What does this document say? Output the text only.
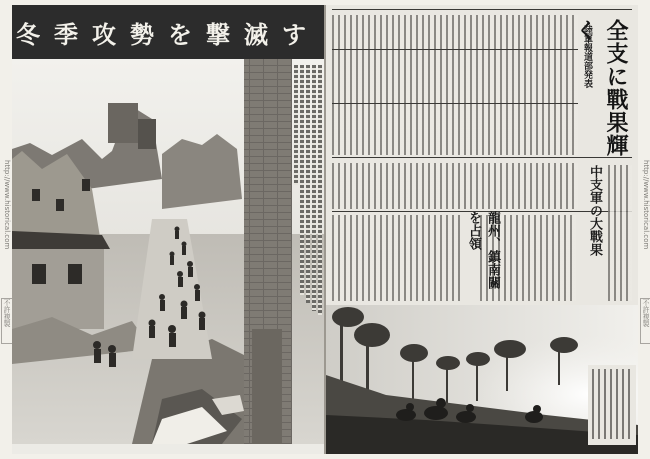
http://www.historical.com
不許複製
冬季攻勢を撃滅す	全支に戰果輝く
陸軍報道部発表
中支軍の大戰果
龍州、鎮南關を占領	http://www.historical.com
不許複製
